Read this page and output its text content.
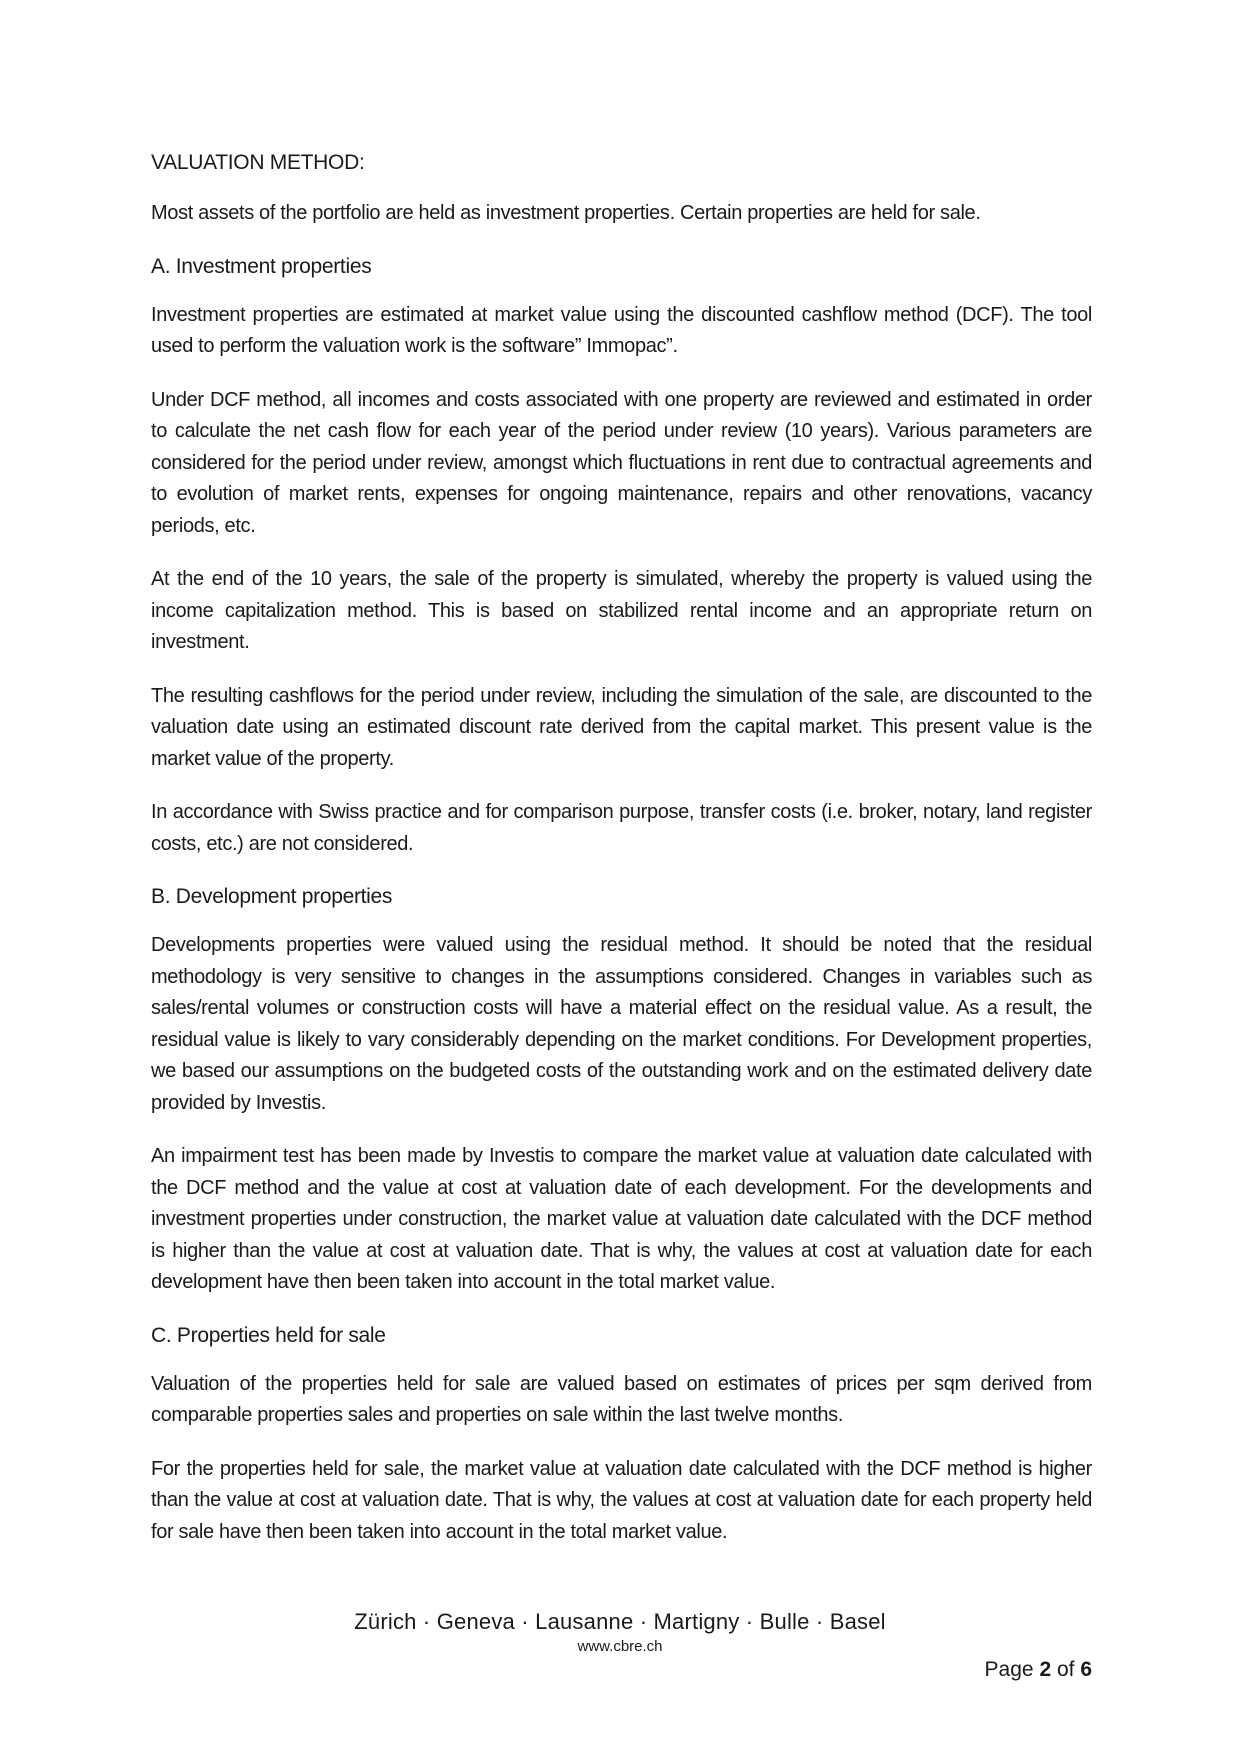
VALUATION METHOD:

Most assets of the portfolio are held as investment properties. Certain properties are held for sale.

A. Investment properties

Investment properties are estimated at market value using the discounted cashflow method (DCF). The tool used to perform the valuation work is the software” Immopac”.

Under DCF method, all incomes and costs associated with one property are reviewed and estimated in order to calculate the net cash flow for each year of the period under review (10 years). Various parameters are considered for the period under review, amongst which fluctuations in rent due to contractual agreements and to evolution of market rents, expenses for ongoing maintenance, repairs and other renovations, vacancy periods, etc.

At the end of the 10 years, the sale of the property is simulated, whereby the property is valued using the income capitalization method. This is based on stabilized rental income and an appropriate return on investment.

The resulting cashflows for the period under review, including the simulation of the sale, are discounted to the valuation date using an estimated discount rate derived from the capital market. This present value is the market value of the property.

In accordance with Swiss practice and for comparison purpose, transfer costs (i.e. broker, notary, land register costs, etc.) are not considered.

B. Development properties

Developments properties were valued using the residual method. It should be noted that the residual methodology is very sensitive to changes in the assumptions considered. Changes in variables such as sales/rental volumes or construction costs will have a material effect on the residual value. As a result, the residual value is likely to vary considerably depending on the market conditions. For Development properties, we based our assumptions on the budgeted costs of the outstanding work and on the estimated delivery date provided by Investis.

An impairment test has been made by Investis to compare the market value at valuation date calculated with the DCF method and the value at cost at valuation date of each development. For the developments and investment properties under construction, the market value at valuation date calculated with the DCF method is higher than the value at cost at valuation date. That is why, the values at cost at valuation date for each development have then been taken into account in the total market value.

C. Properties held for sale

Valuation of the properties held for sale are valued based on estimates of prices per sqm derived from comparable properties sales and properties on sale within the last twelve months.

For the properties held for sale, the market value at valuation date calculated with the DCF method is higher than the value at cost at valuation date. That is why, the values at cost at valuation date for each property held for sale have then been taken into account in the total market value.

Zürich · Geneva · Lausanne · Martigny · Bulle · Basel
www.cbre.ch
Page 2 of 6
